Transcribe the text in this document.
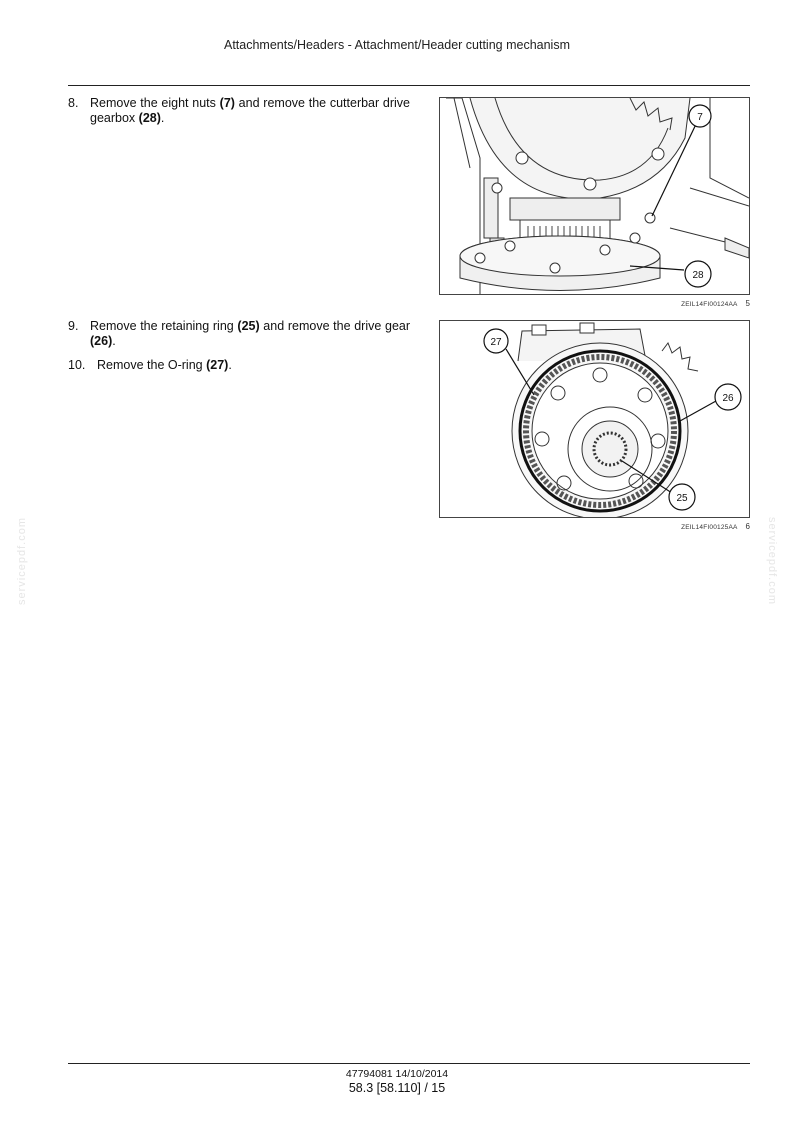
Attachments/Headers - Attachment/Header cutting mechanism
8. Remove the eight nuts (7) and remove the cutterbar drive gearbox (28).
9. Remove the retaining ring (25) and remove the drive gear (26).
10. Remove the O-ring (27).
7
28
ZEIL14FI00124AA 5
27
26
25
ZEIL14FI00125AA 6
servicepdf.com	servicepdf.com
47794081 14/10/2014
58.3 [58.110] / 15
